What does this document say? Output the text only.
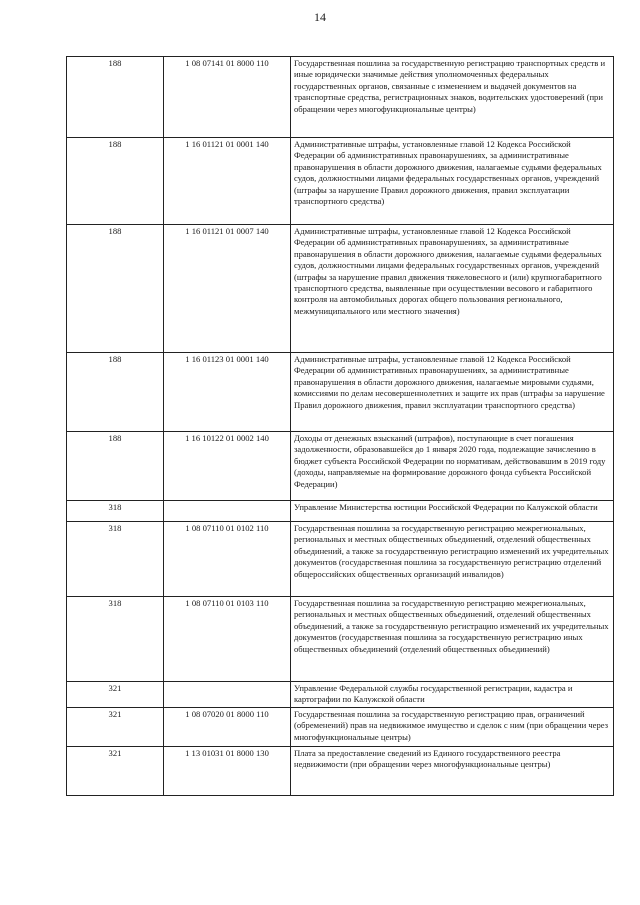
14
188	1 08 07141 01 8000 110	Государственная пошлина за государственную регистрацию транспортных средств и иные юридически значимые действия уполномоченных федеральных государственных органов, связанные с изменением и выдачей документов на транспортные средства, регистрационных знаков, водительских удостоверений (при обращении через многофункциональные центры)
188	1 16 01121 01 0001 140	Административные штрафы, установленные главой 12 Кодекса Российской Федерации об административных правонарушениях, за административные правонарушения в области дорожного движения, налагаемые судьями федеральных судов, должностными лицами федеральных государственных органов, учреждений (штрафы за нарушение Правил дорожного движения, правил эксплуатации транспортного средства)
188	1 16 01121 01 0007 140	Административные штрафы, установленные главой 12 Кодекса Российской Федерации об административных правонарушениях, за административные правонарушения в области дорожного движения, налагаемые судьями федеральных судов, должностными лицами федеральных государственных органов, учреждений (штрафы за нарушение правил движения тяжеловесного и (или) крупногабаритного транспортного средства, выявленные при осуществлении весового и габаритного контроля на автомобильных дорогах общего пользования регионального, межмуниципального или местного значения)
188	1 16 01123 01 0001 140	Административные штрафы, установленные главой 12 Кодекса Российской Федерации об административных правонарушениях, за административные правонарушения в области дорожного движения, налагаемые мировыми судьями, комиссиями по делам несовершеннолетних и защите их прав (штрафы за нарушение Правил дорожного движения, правил эксплуатации транспортного средства)
188	1 16 10122 01 0002 140	Доходы от денежных взысканий (штрафов), поступающие в счет погашения задолженности, образовавшейся до 1 января 2020 года, подлежащие зачислению в бюджет субъекта Российской Федерации по нормативам, действовавшим в 2019 году (доходы, направляемые на формирование дорожного фонда субъекта Российской Федерации)
318		Управление Министерства юстиции Российской Федерации по Калужской области
318	1 08 07110 01 0102 110	Государственная пошлина за государственную регистрацию межрегиональных, региональных и местных общественных объединений, отделений общественных объединений, а также за государственную регистрацию изменений их учредительных документов (государственная пошлина за государственную регистрацию отделений общероссийских общественных организаций инвалидов)
318	1 08 07110 01 0103 110	Государственная пошлина за государственную регистрацию межрегиональных, региональных и местных общественных объединений, отделений общественных объединений, а также за государственную регистрацию изменений их учредительных документов (государственная пошлина за государственную регистрацию иных общественных объединений (отделений общественных объединений)
321		Управление Федеральной службы государственной регистрации, кадастра и картографии по Калужской области
321	1 08 07020 01 8000 110	Государственная пошлина за государственную регистрацию прав, ограничений (обременений) прав на недвижимое имущество и сделок с ним (при обращении через многофункциональные центры)
321	1 13 01031 01 8000 130	Плата за предоставление сведений из Единого государственного реестра недвижимости (при обращении через многофункциональные центры)
